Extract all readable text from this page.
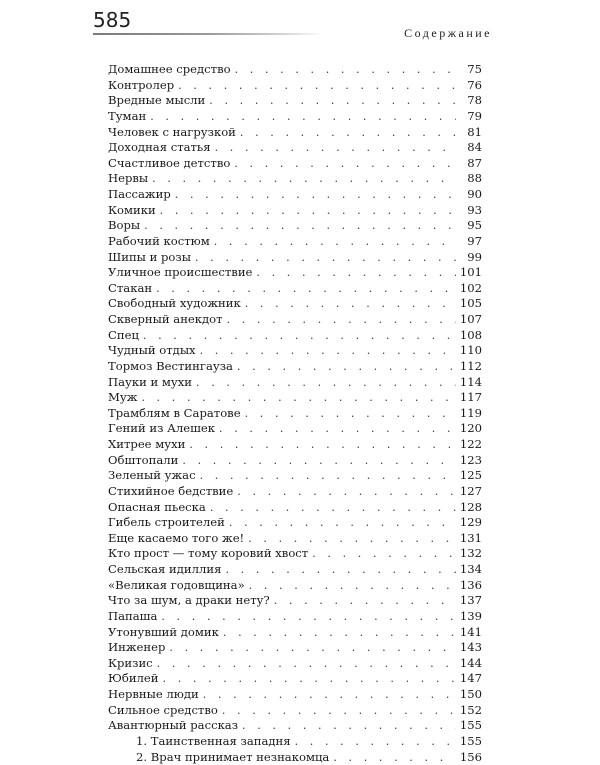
585
Содержание
Домашнее средство . . .	75
Контролер . . .	76
Вредные мысли . . .	78
Туман . . .	79
Человек с нагрузкой . . .	81
Доходная статья . . .	84
Счастливое детство . . .	87
Нервы . . .	88
Пассажир . . .	90
Комики . . .	93
Воры . . .	95
Рабочий костюм . . .	97
Шипы и розы . . .	99
Уличное происшествие . . .	101
Стакан . . .	102
Свободный художник . . .	105
Скверный анекдот . . .	107
Спец . . .	108
Чудный отдых . . .	110
Тормоз Вестингауза . . .	112
Пауки и мухи . . .	114
Муж . . .	117
Трамблям в Саратове . . .	119
Гений из Алешек . . .	120
Хитрее мухи . . .	122
Обштопали . . .	123
Зеленый ужас . . .	125
Стихийное бедствие . . .	127
Опасная пьеска . . .	128
Гибель строителей . . .	129
Еще касаемо того же! . . .	131
Кто прост — тому коровий хвост . . .	132
Сельская идиллия . . .	134
«Великая годовщина» . . .	136
Что за шум, а драки нету? . . .	137
Папаша . . .	139
Утонувший домик . . .	141
Инженер . . .	143
Кризис . . .	144
Юбилей . . .	147
Нервные люди . . .	150
Сильное средство . . .	152
Авантюрный рассказ . . .	155
1. Таинственная западня . . .	155
2. Врач принимает незнакомца . . .	156
